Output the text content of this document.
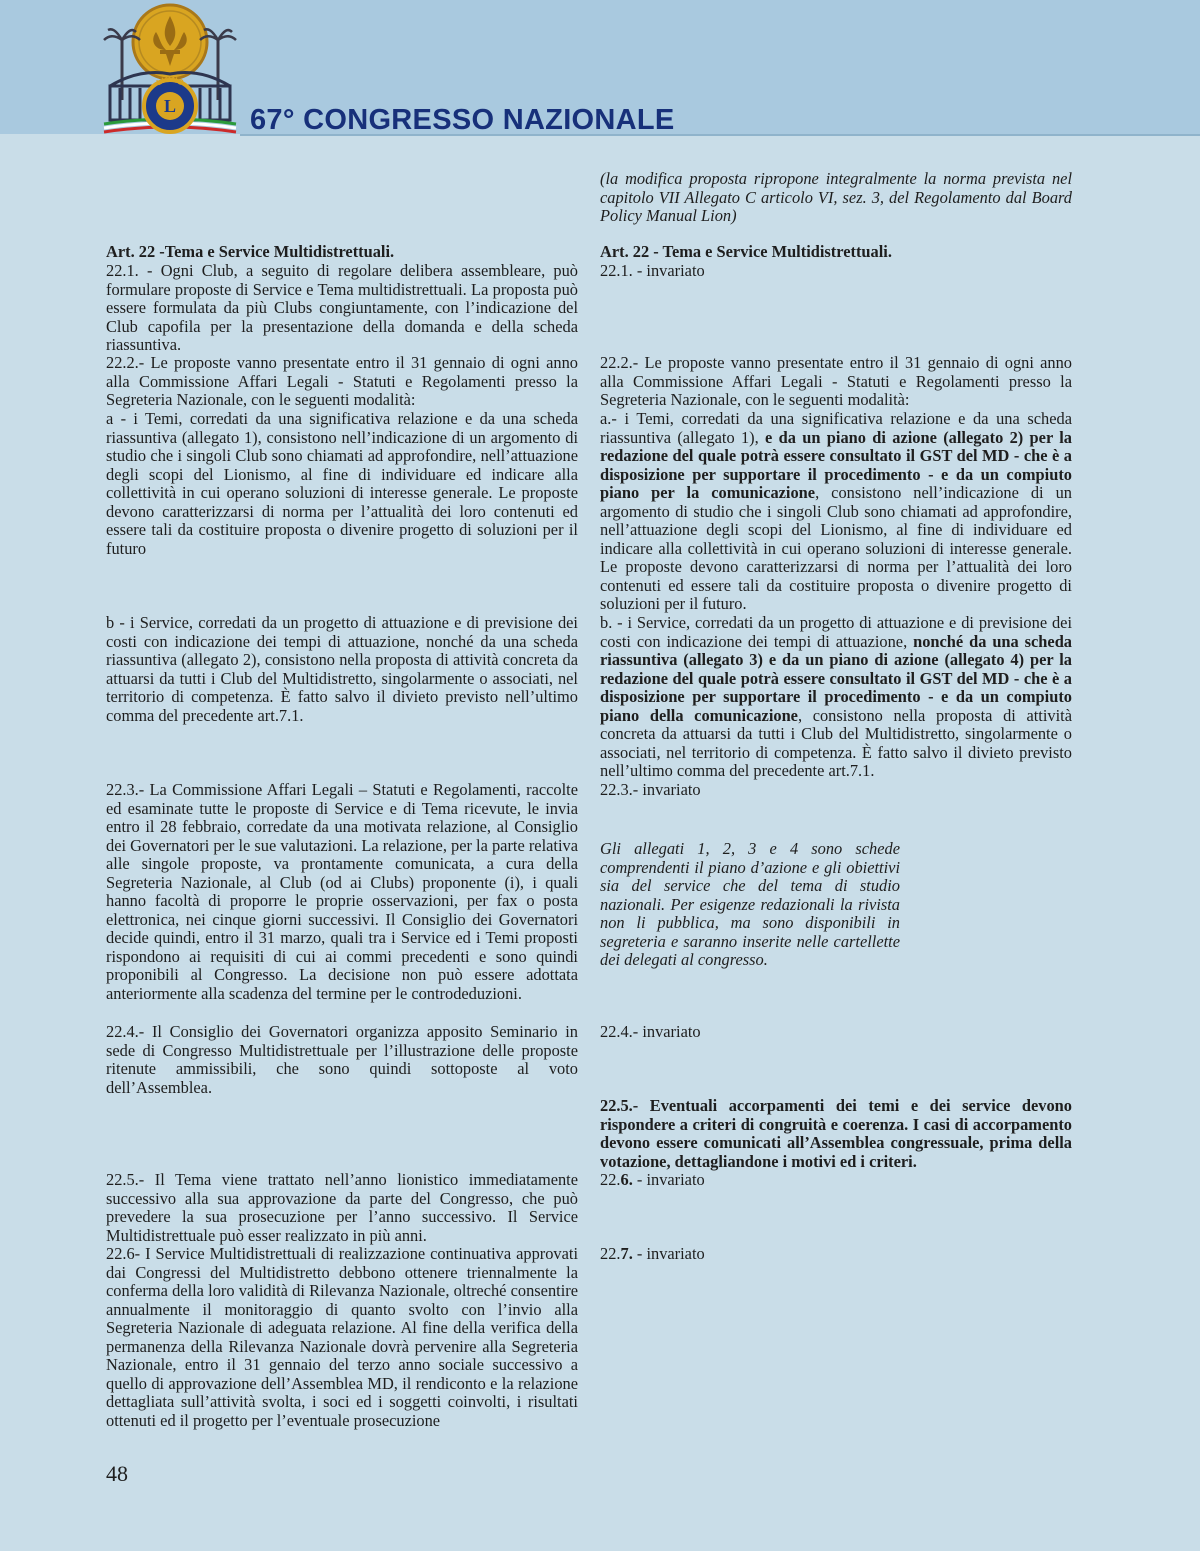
L
LIONS
67° CONGRESSO NAZIONALE

(la modifica proposta ripropone integralmente la norma prevista nel capitolo VII Allegato C articolo VI, sez. 3, del Regolamento dal Board Policy Manual Lion)

Art. 22 -Tema e Service Multidistrettuali.

22.1. - Ogni Club, a seguito di regolare delibera assembleare, può formulare proposte di Service e Tema multidistrettuali. La proposta può essere formulata da più Clubs congiuntamente, con l’indicazione del Club capofila per la presentazione della domanda e della scheda riassuntiva.

22.2.- Le proposte vanno presentate entro il 31 gennaio di ogni anno alla Commissione Affari Legali - Statuti e Regolamenti presso la Segreteria Nazionale, con le seguenti modalità:

a - i Temi, corredati da una significativa relazione e da una scheda riassuntiva (allegato 1), consistono nell’indicazione di un argomento di studio che i singoli Club sono chiamati ad approfondire, nell’attuazione degli scopi del Lionismo, al fine di individuare ed indicare alla collettività in cui operano soluzioni di interesse generale. Le proposte devono caratterizzarsi di norma per l’attualità dei loro contenuti ed essere tali da costituire proposta o divenire progetto di soluzioni per il futuro

b - i Service, corredati da un progetto di attuazione e di previsione dei costi con indicazione dei tempi di attuazione, nonché da una scheda riassuntiva (allegato 2), consistono nella proposta di attività concreta da attuarsi da tutti i Club del Multidistretto, singolarmente o associati, nel territorio di competenza. È fatto salvo il divieto previsto nell’ultimo comma del precedente art.7.1.

22.3.- La Commissione Affari Legali – Statuti e Regolamenti, raccolte ed esaminate tutte le proposte di Service e di Tema ricevute, le invia entro il 28 febbraio, corredate da una motivata relazione, al Consiglio dei Governatori per le sue valutazioni. La relazione, per la parte relativa alle singole proposte, va prontamente comunicata, a cura della Segreteria Nazionale, al Club (od ai Clubs) proponente (i), i quali hanno facoltà di proporre le proprie osservazioni, per fax o posta elettronica, nei cinque giorni successivi. Il Consiglio dei Governatori decide quindi, entro il 31 marzo, quali tra i Service ed i Temi proposti rispondono ai requisiti di cui ai commi precedenti e sono quindi proponibili al Congresso. La decisione non può essere adottata anteriormente alla scadenza del termine per le controdeduzioni.

22.4.- Il Consiglio dei Governatori organizza apposito Seminario in sede di Congresso Multidistrettuale per l’illustrazione delle proposte ritenute ammissibili, che sono quindi sottoposte al voto dell’Assemblea.

22.5.- Il Tema viene trattato nell’anno lionistico immediatamente successivo alla sua approvazione da parte del Congresso, che può prevedere la sua prosecuzione per l’anno successivo. Il Service Multidistrettuale può esser realizzato in più anni.

22.6- I Service Multidistrettuali di realizzazione continuativa approvati dai Congressi del Multidistretto debbono ottenere triennalmente la conferma della loro validità di Rilevanza Nazionale, oltreché consentire annualmente il monitoraggio di quanto svolto con l’invio alla Segreteria Nazionale di adeguata relazione. Al fine della verifica della permanenza della Rilevanza Nazionale dovrà pervenire alla Segreteria Nazionale, entro il 31 gennaio del terzo anno sociale successivo a quello di approvazione dell’Assemblea MD, il rendiconto e la relazione dettagliata sull’attività svolta, i soci ed i soggetti coinvolti, i risultati ottenuti ed il progetto per l’eventuale prosecuzione

Art. 22 - Tema e Service Multidistrettuali.

22.1. - invariato

22.2.- Le proposte vanno presentate entro il 31 gennaio di ogni anno alla Commissione Affari Legali - Statuti e Regolamenti presso la Segreteria Nazionale, con le seguenti modalità:

a.- i Temi, corredati da una significativa relazione e da una scheda riassuntiva (allegato 1), e da un piano di azione (allegato 2) per la redazione del quale potrà essere consultato il GST del MD - che è a disposizione per supportare il procedimento - e da un compiuto piano per la comunicazione, consistono nell’indicazione di un argomento di studio che i singoli Club sono chiamati ad approfondire, nell’attuazione degli scopi del Lionismo, al fine di individuare ed indicare alla collettività in cui operano soluzioni di interesse generale. Le proposte devono caratterizzarsi di norma per l’attualità dei loro contenuti ed essere tali da costituire proposta o divenire progetto di soluzioni per il futuro.

b. - i Service, corredati da un progetto di attuazione e di previsione dei costi con indicazione dei tempi di attuazione, nonché da una scheda riassuntiva (allegato 3) e da un piano di azione (allegato 4) per la redazione del quale potrà essere consultato il GST del MD - che è a disposizione per supportare il procedimento - e da un compiuto piano della comunicazione, consistono nella proposta di attività concreta da attuarsi da tutti i Club del Multidistretto, singolarmente o associati, nel territorio di competenza. È fatto salvo il divieto previsto nell’ultimo comma del precedente art.7.1.

22.3.- invariato

Gli allegati 1, 2, 3 e 4 sono schede comprendenti il piano d’azione e gli obiettivi sia del service che del tema di studio nazionali. Per esigenze redazionali la rivista non li pubblica, ma sono disponibili in segreteria e saranno inserite nelle cartellette dei delegati al congresso.

22.4.- invariato

22.5.- Eventuali accorpamenti dei temi e dei service devono rispondere a criteri di congruità e coerenza. I casi di accorpamento devono essere comunicati all’Assemblea congressuale, prima della votazione, dettagliandone i motivi ed i criteri.

22.6. - invariato

22.7. - invariato

48
